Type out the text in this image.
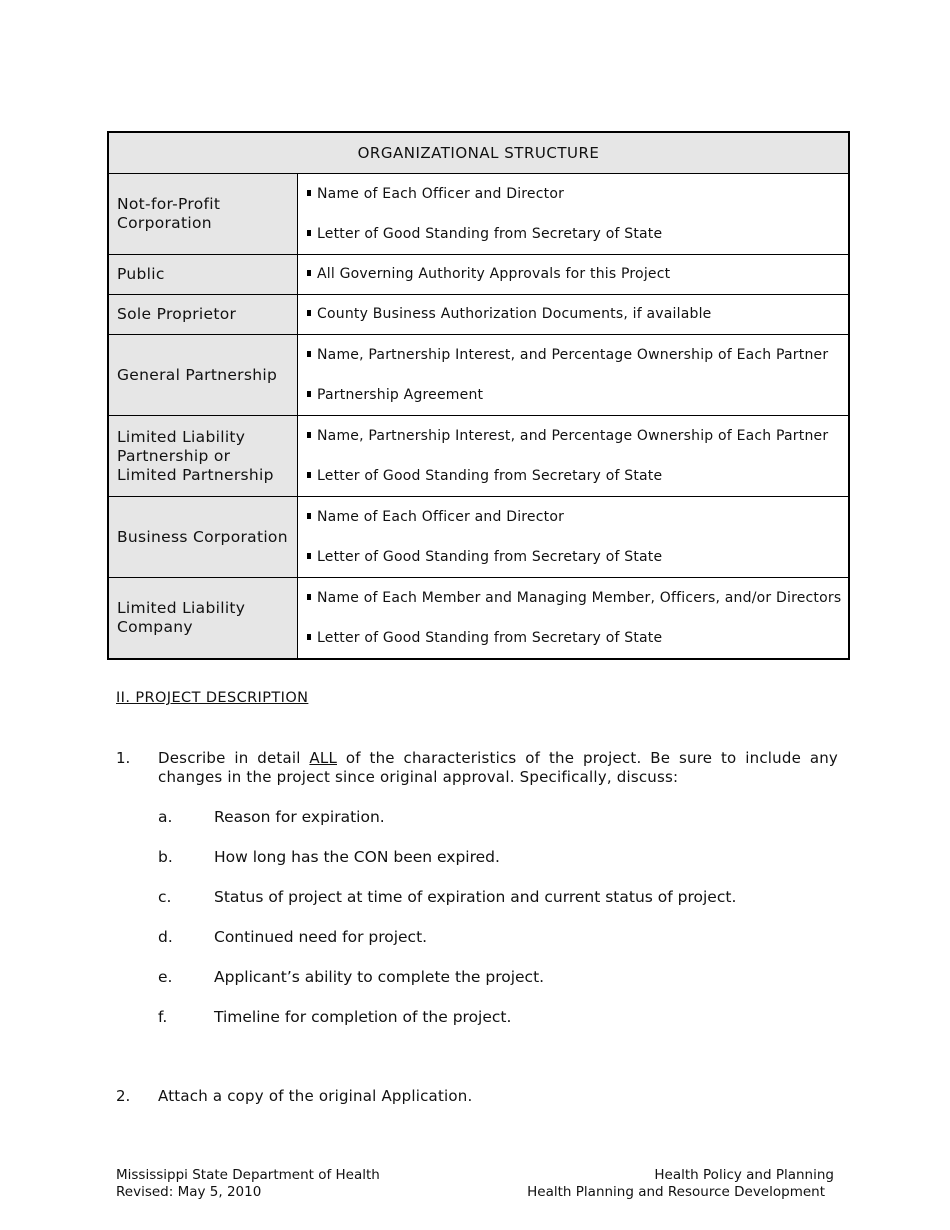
ORGANIZATIONAL STRUCTURE	
Not-for-Profit Corporation	Name of Each Officer and Director
Letter of Good Standing from Secretary of State

Public	All Governing Authority Approvals for this Project

Sole Proprietor	County Business Authorization Documents, if available

General Partnership	Name, Partnership Interest, and Percentage Ownership of Each Partner
Partnership Agreement

Limited Liability Partnership or Limited Partnership	Name, Partnership Interest, and Percentage Ownership of Each Partner
Letter of Good Standing from Secretary of State

Business Corporation	Name of Each Officer and Director
Letter of Good Standing from Secretary of State

Limited Liability Company	Name of Each Member and Managing Member, Officers, and/or Directors
Letter of Good Standing from Secretary of State
II. PROJECT DESCRIPTION
1. Describe in detail ALL of the characteristics of the project. Be sure to include any changes in the project since original approval. Specifically, discuss:
a.	Reason for expiration.
b.	How long has the CON been expired.
c.	Status of project at time of expiration and current status of project.
d.	Continued need for project.
e.	Applicant’s ability to complete the project.
f.	Timeline for completion of the project.
2. Attach a copy of the original Application.
Mississippi State Department of Health
Revised: May 5, 2010
Health Policy and Planning
Health Planning and Resource Development
